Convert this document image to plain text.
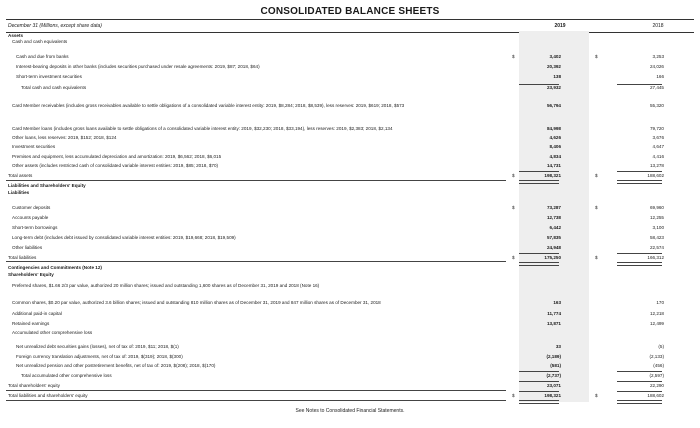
CONSOLIDATED BALANCE SHEETS
December 31 (Millions, except share data)	2019	2018
Assets
Cash and cash equivalents
Cash and due from banks	$	3,402	$	3,253
Interest-bearing deposits in other banks (includes securities purchased under resale agreements: 2019, $87; 2018, $64)	20,392	24,026
Short-term investment securities	138	166
Total cash and cash equivalents	23,932	27,445
Card Member receivables (includes gross receivables available to settle obligations of a consolidated variable interest entity: 2019, $8,284; 2018, $8,539), less reserves: 2019, $619; 2018, $573	56,794	55,320
Card Member loans (includes gross loans available to settle obligations of a consolidated variable interest entity: 2019, $32,230; 2018, $33,194), less reserves: 2019, $2,383; 2018, $2,134	84,998	79,720
Other loans, less reserves: 2019, $152; 2018, $124	4,626	3,676
Investment securities	8,406	4,647
Premises and equipment, less accumulated depreciation and amortization: 2019, $6,562; 2018, $6,015	4,834	4,416
Other assets (includes restricted cash of consolidated variable interest entities: 2019, $85; 2018, $70)	14,731	13,278
Total assets	$	198,321	$	188,602
Liabilities and Shareholders' Equity
Liabilities
Customer deposits	$	73,287	$	69,960
Accounts payable	12,738	12,255
Short-term borrowings	6,442	3,100
Long-term debt (includes debt issued by consolidated variable interest entities: 2019, $19,668; 2018, $19,509)	57,835	58,423
Other liabilities	24,948	22,574
Total liabilities	$	175,250	$	166,312
Contingencies and Commitments (Note 12)
Shareholders' Equity
Preferred shares, $1.66 2/3 par value, authorized 20 million shares; issued and outstanding 1,600 shares as of December 31, 2019 and 2018 (Note 16)
Common shares, $0.20 par value, authorized 3.6 billion shares; issued and outstanding 810 million shares as of December 31, 2019 and 847 million shares as of December 31, 2018	163	170
Additional paid-in capital	11,774	12,218
Retained earnings	13,871	12,499
Accumulated other comprehensive loss
Net unrealized debt securities gains (losses), net of tax of: 2019, $11; 2018, $(1)	33	(5)
Foreign currency translation adjustments, net of tax of: 2019, $(319); 2018, $(300)	(2,189)	(2,133)
Net unrealized pension and other postretirement benefits, net of tax of: 2019, $(208); 2018, $(170)	(581)	(456)
Total accumulated other comprehensive loss	(2,737)	(2,597)
Total shareholders' equity	23,071	22,290
Total liabilities and shareholders' equity	$	198,321	$	188,602
See Notes to Consolidated Financial Statements.
